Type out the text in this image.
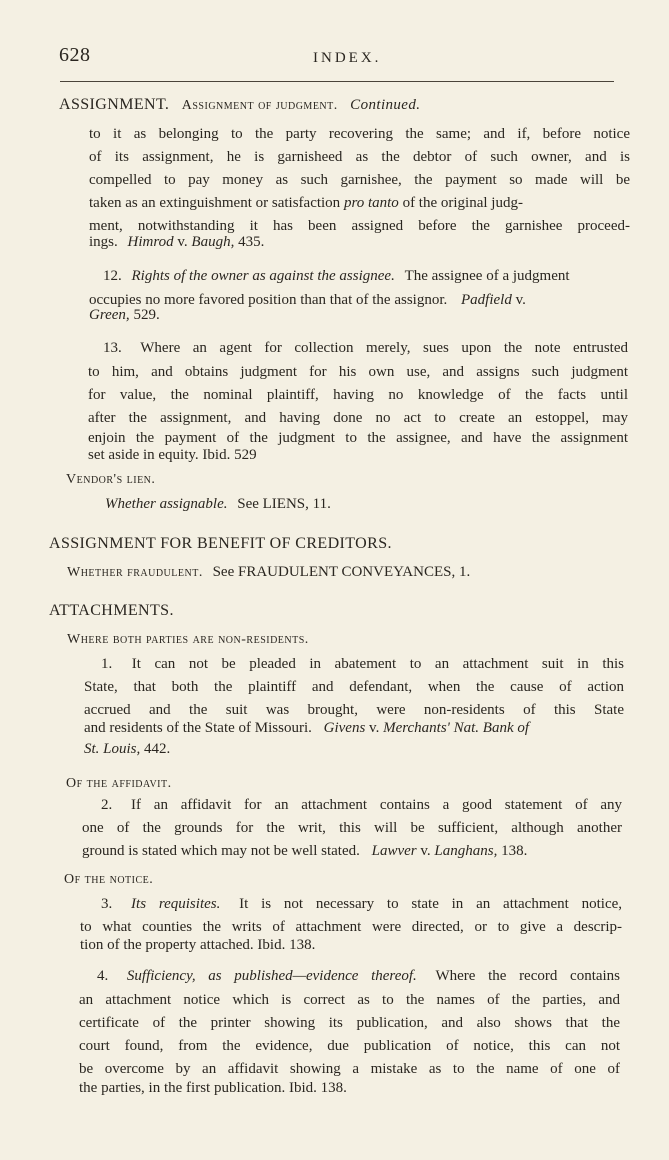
628	INDEX.
ASSIGNMENT. Assignment of judgment. Continued.
to it as belonging to the party recovering the same; and if, before notice
of its assignment, he is garnisheed as the debtor of such owner, and is
compelled to pay money as such garnishee, the payment so made will be
taken as an extinguishment or satisfaction pro tanto of the original judg-
ment, notwithstanding it has been assigned before the garnishee proceed-
ings. Himrod v. Baugh, 435.
12. Rights of the owner as against the assignee. The assignee of a judgment
occupies no more favored position than that of the assignor. Padfield v.
Green, 529.
13. Where an agent for collection merely, sues upon the note entrusted
to him, and obtains judgment for his own use, and assigns such judgment
for value, the nominal plaintiff, having no knowledge of the facts until
after the assignment, and having done no act to create an estoppel, may
enjoin the payment of the judgment to the assignee, and have the assignment
set aside in equity. Ibid. 529
Vendor's lien.
Whether assignable. See LIENS, 11.
ASSIGNMENT FOR BENEFIT OF CREDITORS.
Whether fraudulent. See FRAUDULENT CONVEYANCES, 1.
ATTACHMENTS.
Where both parties are non-residents.
1. It can not be pleaded in abatement to an attachment suit in this
State, that both the plaintiff and defendant, when the cause of action
accrued and the suit was brought, were non-residents of this State
and residents of the State of Missouri. Givens v. Merchants' Nat. Bank of
St. Louis, 442.
Of the affidavit.
2. If an affidavit for an attachment contains a good statement of any
one of the grounds for the writ, this will be sufficient, although another
ground is stated which may not be well stated. Lawver v. Langhans, 138.
Of the notice.
3. Its requisites. It is not necessary to state in an attachment notice,
to what counties the writs of attachment were directed, or to give a descrip-
tion of the property attached. Ibid. 138.
4. Sufficiency, as published—evidence thereof. Where the record contains
an attachment notice which is correct as to the names of the parties, and
certificate of the printer showing its publication, and also shows that the
court found, from the evidence, due publication of notice, this can not
be overcome by an affidavit showing a mistake as to the name of one of
the parties, in the first publication. Ibid. 138.
